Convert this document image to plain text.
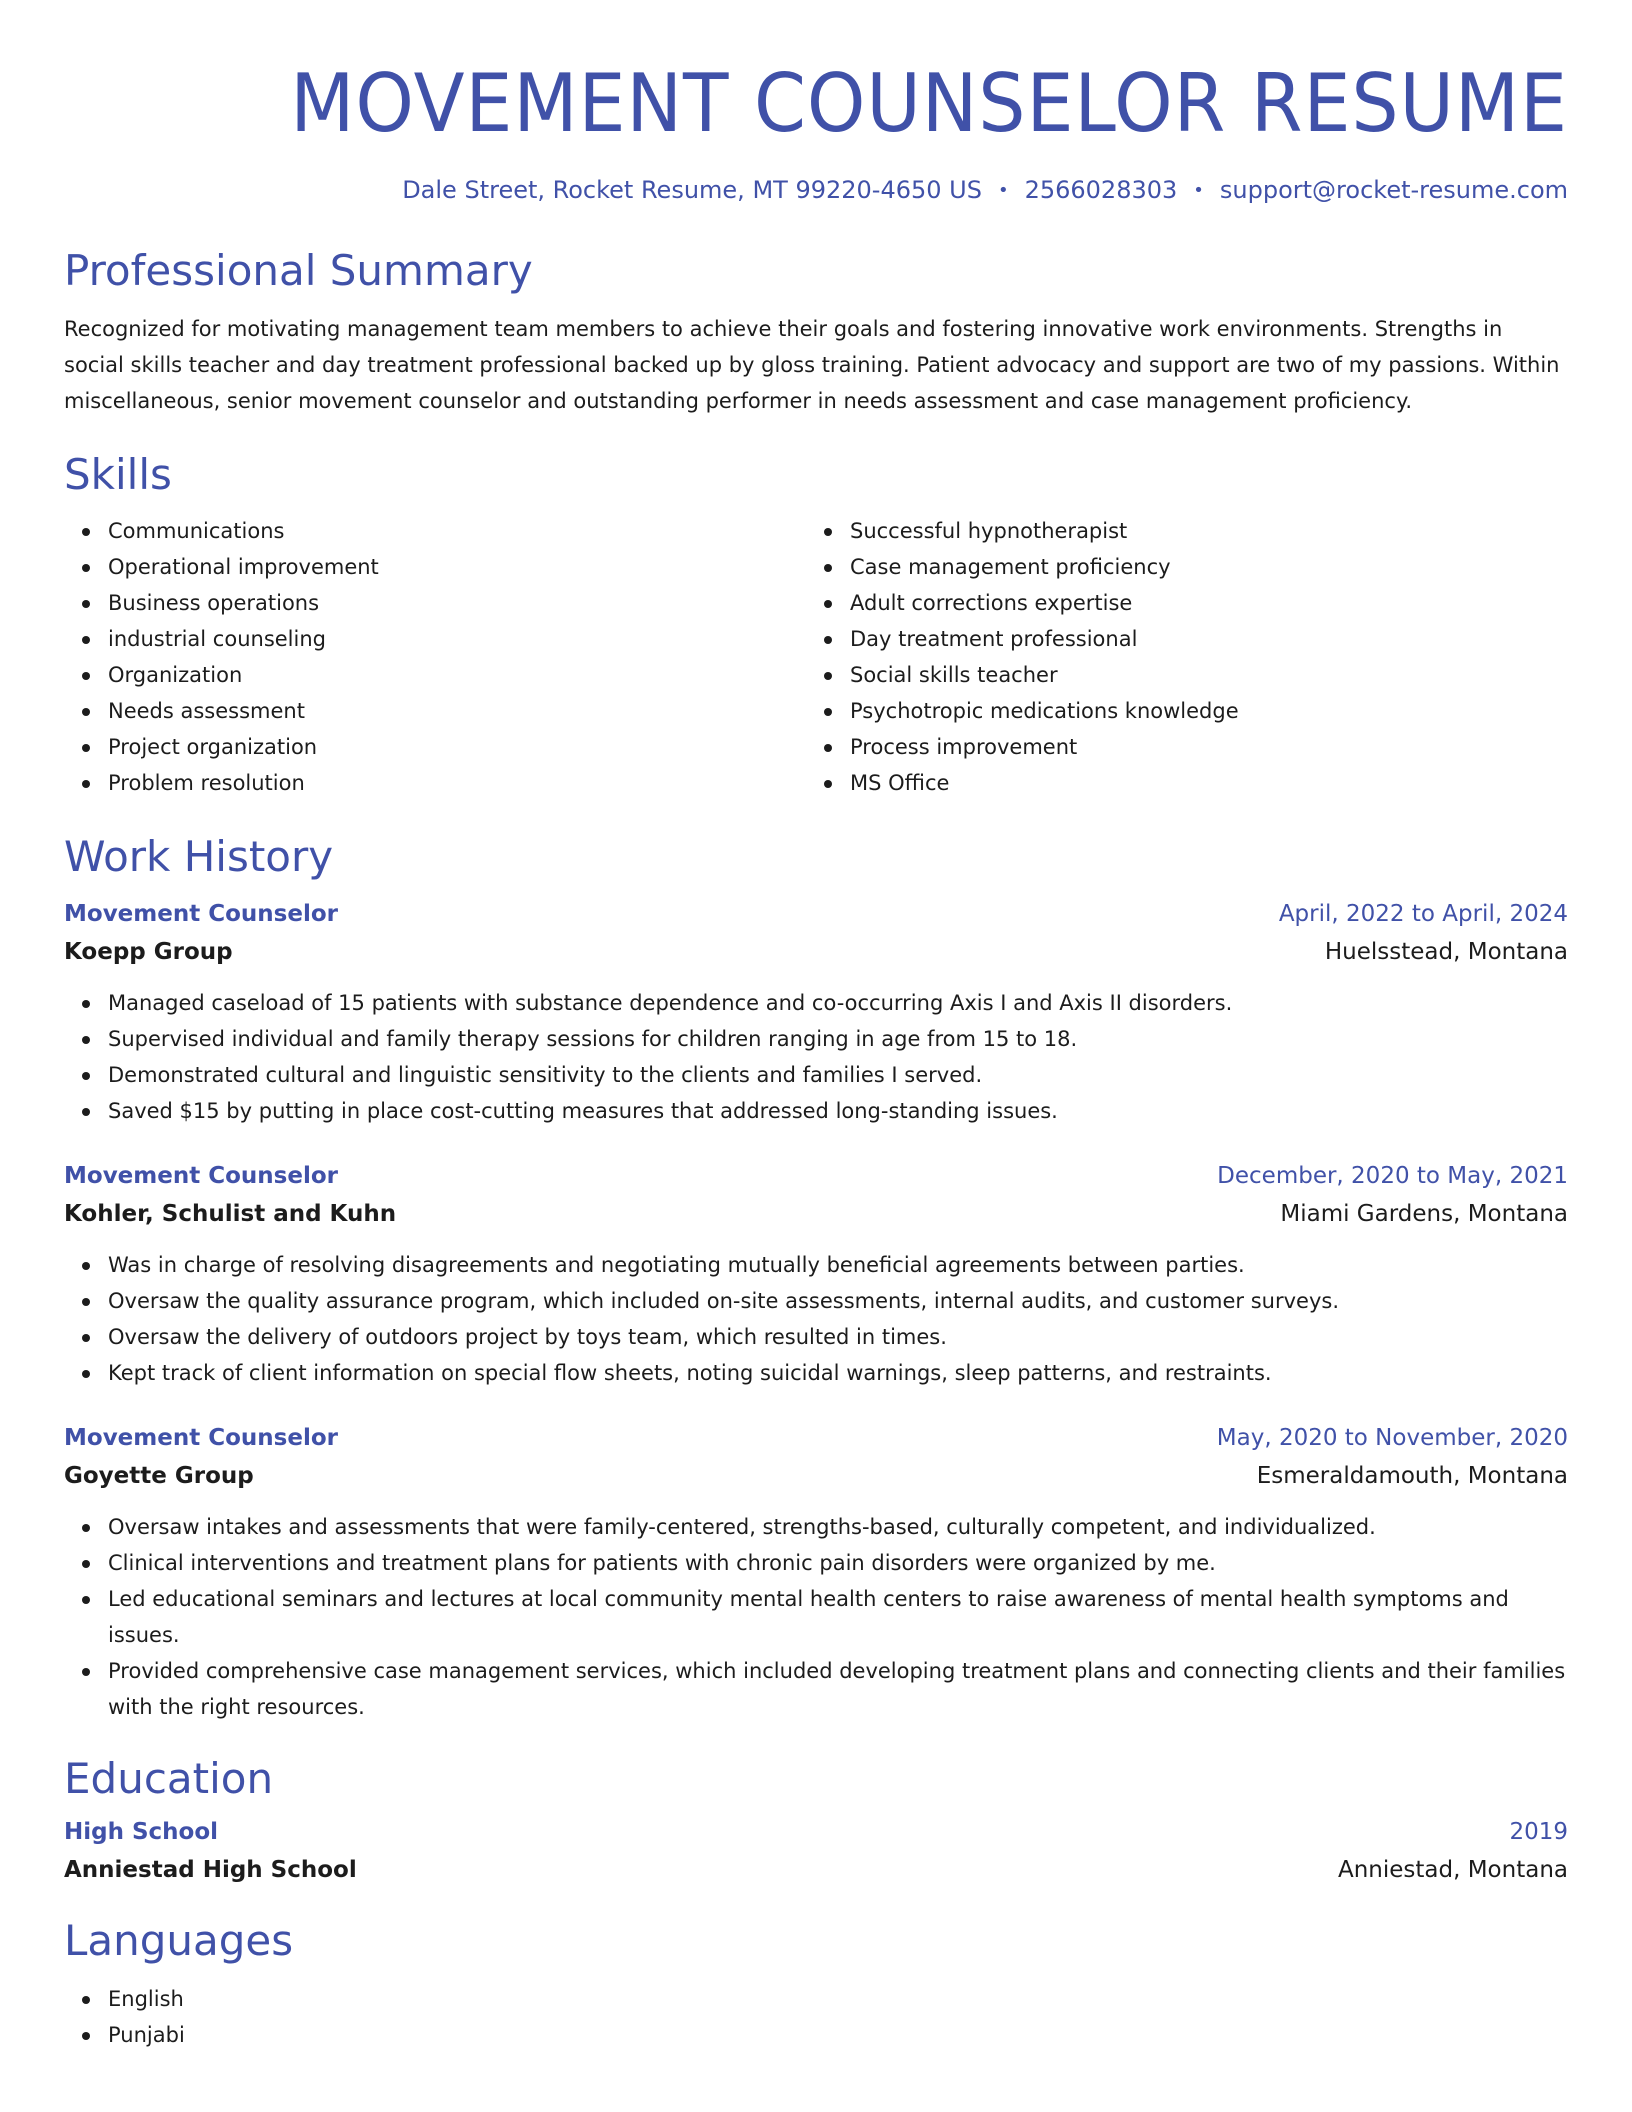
MOVEMENT COUNSELOR RESUME
Dale Street, Rocket Resume, MT 99220-4650 US • 2566028303 • support@rocket-resume.com
Professional Summary
Recognized for motivating management team members to achieve their goals and fostering innovative work environments. Strengths in social skills teacher and day treatment professional backed up by gloss training. Patient advocacy and support are two of my passions. Within miscellaneous, senior movement counselor and outstanding performer in needs assessment and case management proficiency.
Skills
Communications
Operational improvement
Business operations
industrial counseling
Organization
Needs assessment
Project organization
Problem resolution
Successful hypnotherapist
Case management proficiency
Adult corrections expertise
Day treatment professional
Social skills teacher
Psychotropic medications knowledge
Process improvement
MS Office
Work History
Movement Counselor	April, 2022 to April, 2024
Koepp Group	Huelsstead, Montana
Managed caseload of 15 patients with substance dependence and co-occurring Axis I and Axis II disorders.
Supervised individual and family therapy sessions for children ranging in age from 15 to 18.
Demonstrated cultural and linguistic sensitivity to the clients and families I served.
Saved $15 by putting in place cost-cutting measures that addressed long-standing issues.
Movement Counselor	December, 2020 to May, 2021
Kohler, Schulist and Kuhn	Miami Gardens, Montana
Was in charge of resolving disagreements and negotiating mutually beneficial agreements between parties.
Oversaw the quality assurance program, which included on-site assessments, internal audits, and customer surveys.
Oversaw the delivery of outdoors project by toys team, which resulted in times.
Kept track of client information on special flow sheets, noting suicidal warnings, sleep patterns, and restraints.
Movement Counselor	May, 2020 to November, 2020
Goyette Group	Esmeraldamouth, Montana
Oversaw intakes and assessments that were family-centered, strengths-based, culturally competent, and individualized.
Clinical interventions and treatment plans for patients with chronic pain disorders were organized by me.
Led educational seminars and lectures at local community mental health centers to raise awareness of mental health symptoms and issues.
Provided comprehensive case management services, which included developing treatment plans and connecting clients and their families with the right resources.
Education
High School	2019
Anniestad High School	Anniestad, Montana
Languages
English
Punjabi
